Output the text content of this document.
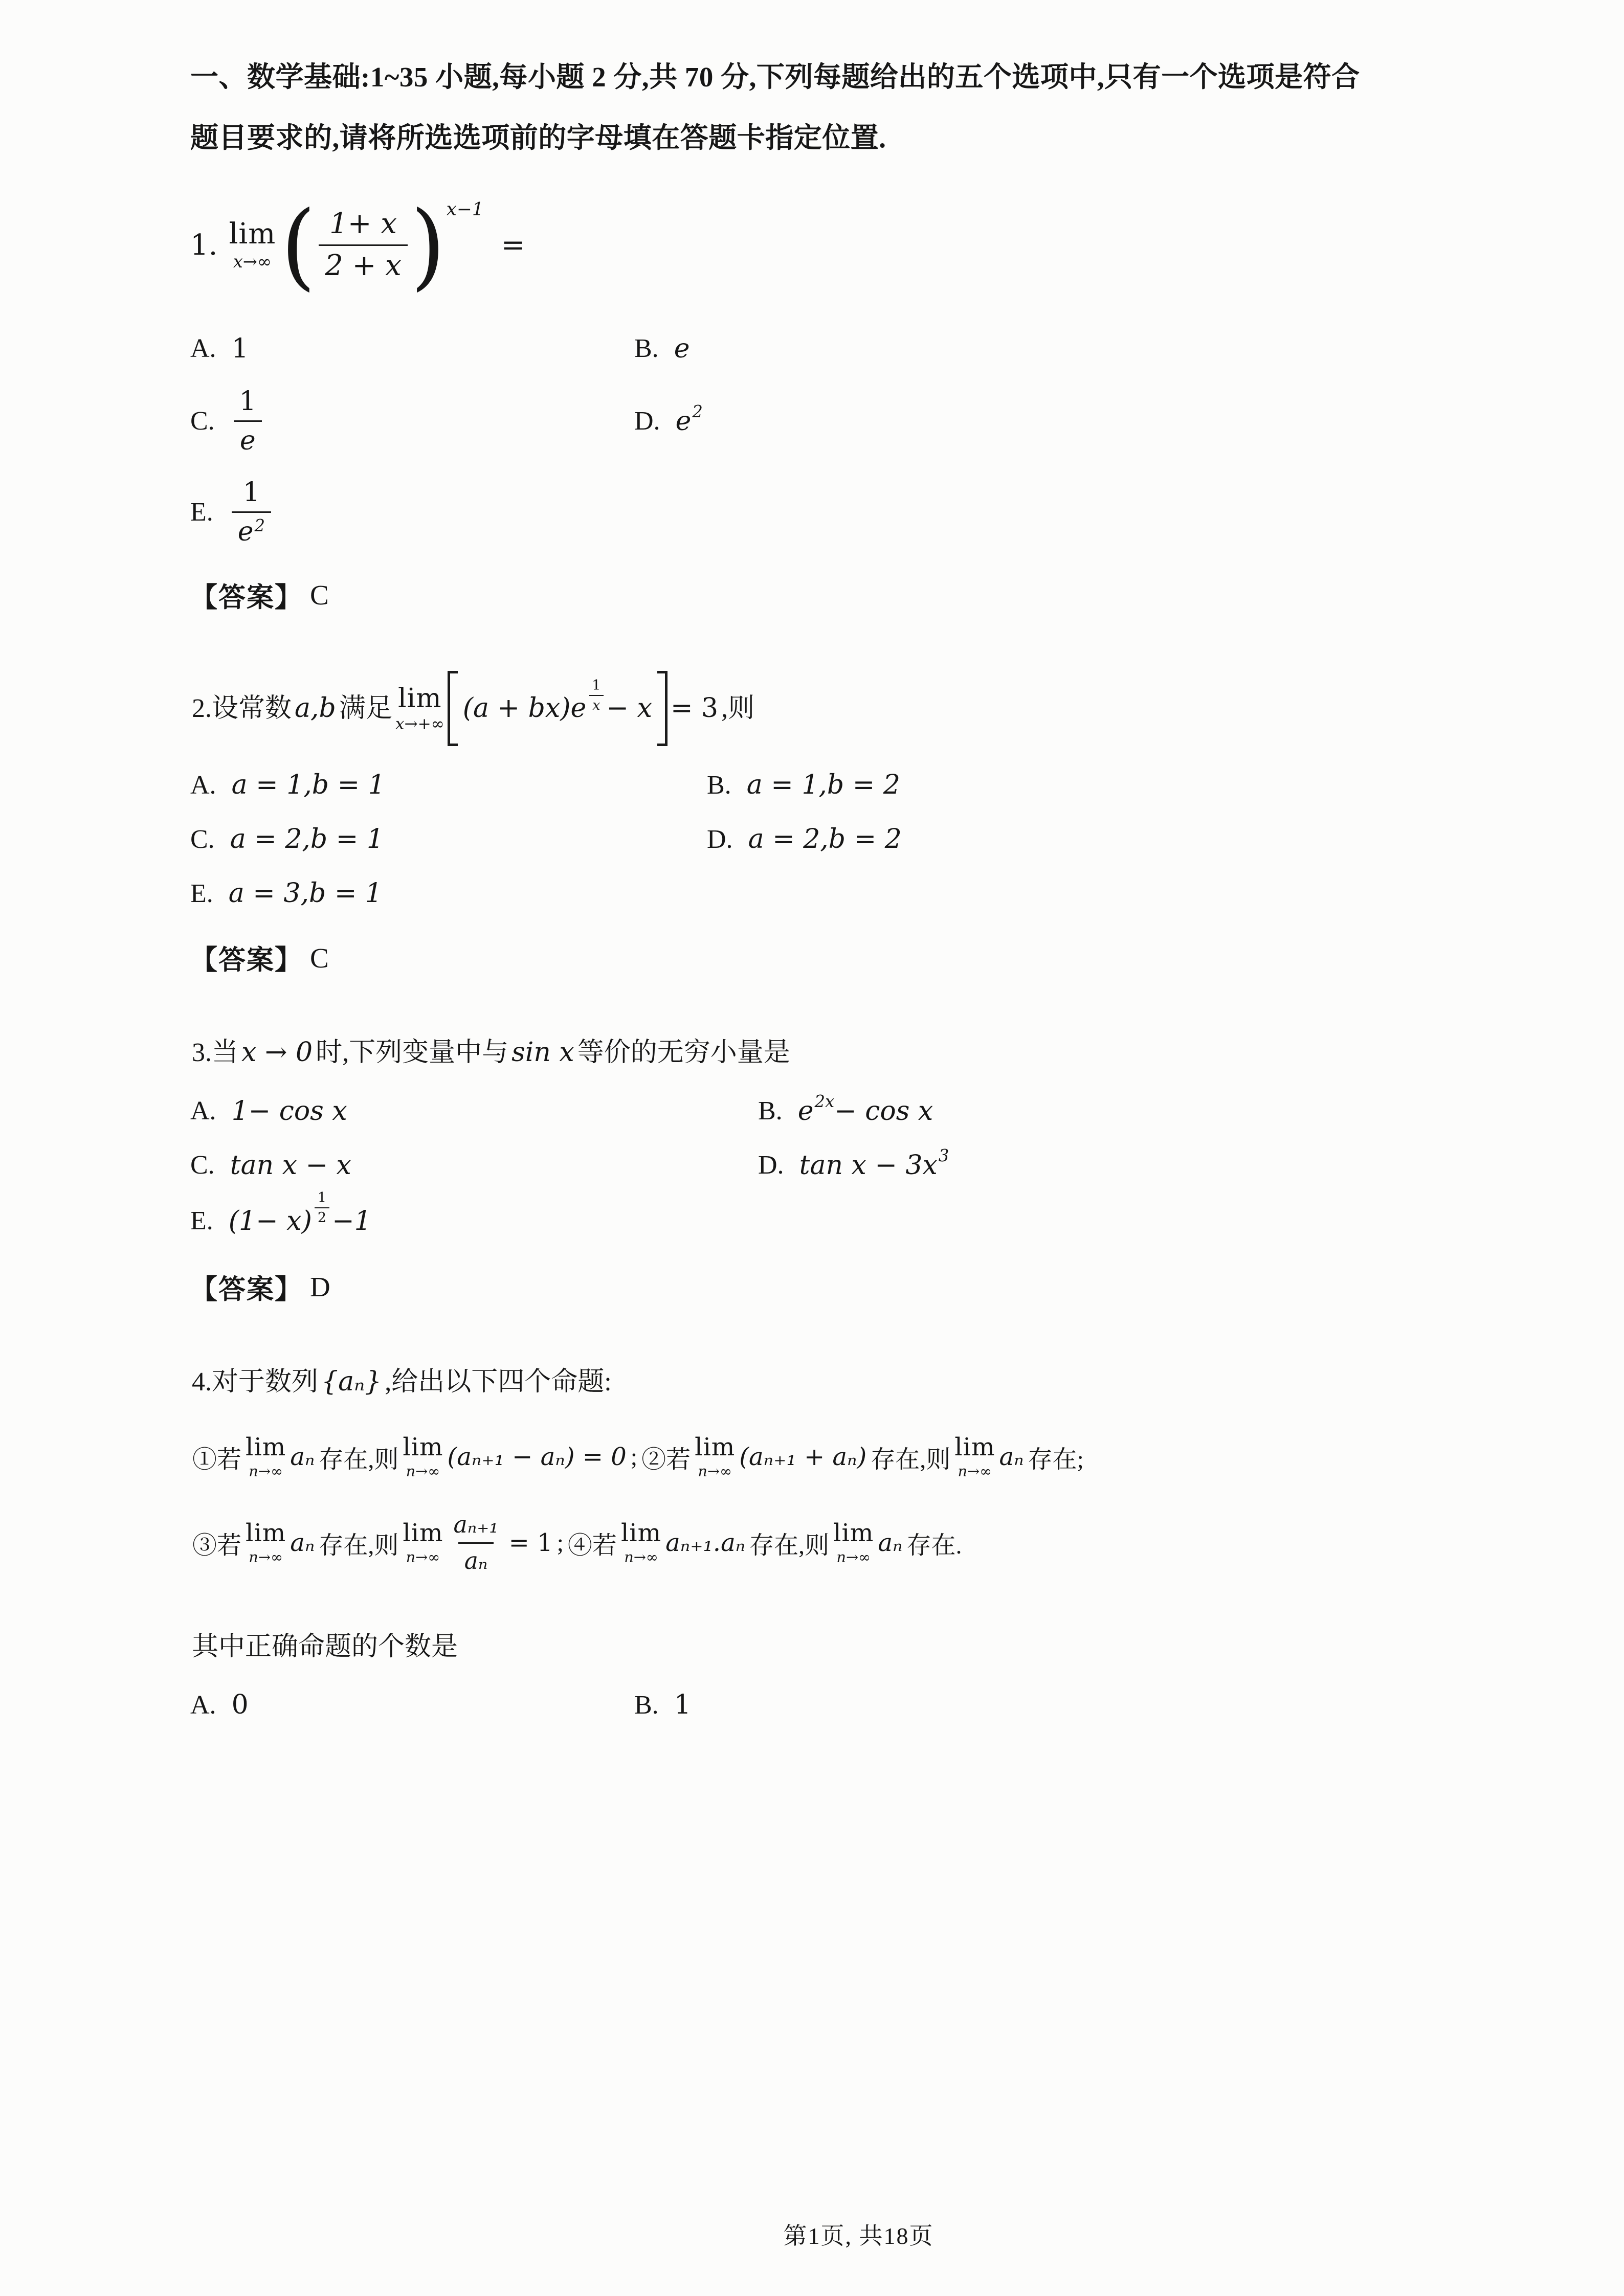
一、数学基础:1~35 小题,每小题 2 分,共 70 分,下列每题给出的五个选项中,只有一个选项是符合
题目要求的,请将所选选项前的字母填在答题卡指定位置.
1. lim
x→∞ ( $\frac{1+ x}{2 + x}$ ) x−1
=
A. 1	B. e
C. $\frac{1}{e}$	D. e 2
E. $\frac{1}{e^2}$
【答案】 C
2.设常数 a,b 满足 lim
x→+∞
$(a + bx)e \frac{1}{x} - x = 3$ ,则
A. a = 1,b = 1	B. a = 1,b = 2
C. a = 2,b = 1	D. a = 2,b = 2
E. a = 3,b = 1
【答案】 C
3.当 x → 0 时,下列变量中与 sin x 等价的无穷小量是
A. 1− cos x	B. e 2x − cos x
C. tan x − x	D. tan x − 3x 3
E. $(1- x) \frac{1}{2} -1$
【答案】 D
4.对于数列 {aₙ} ,给出以下四个命题:
①若 lim
n→∞
aₙ 存在,则 lim
n→∞
(aₙ₊₁ − aₙ) = 0 ; ②若 lim
n→∞
(aₙ₊₁ + aₙ) 存在,则 lim
n→∞
aₙ 存在;
③若 lim
n→∞
aₙ 存在,则 lim
$n\to\infty \frac{\text{aₙ₊₁}}{\text{aₙ}} = 1$ ; ④若 lim
n→∞
aₙ₊₁.aₙ 存在,则 lim
n→∞
aₙ 存在.
其中正确命题的个数是
A. 0	B. 1
第1页, 共18页
